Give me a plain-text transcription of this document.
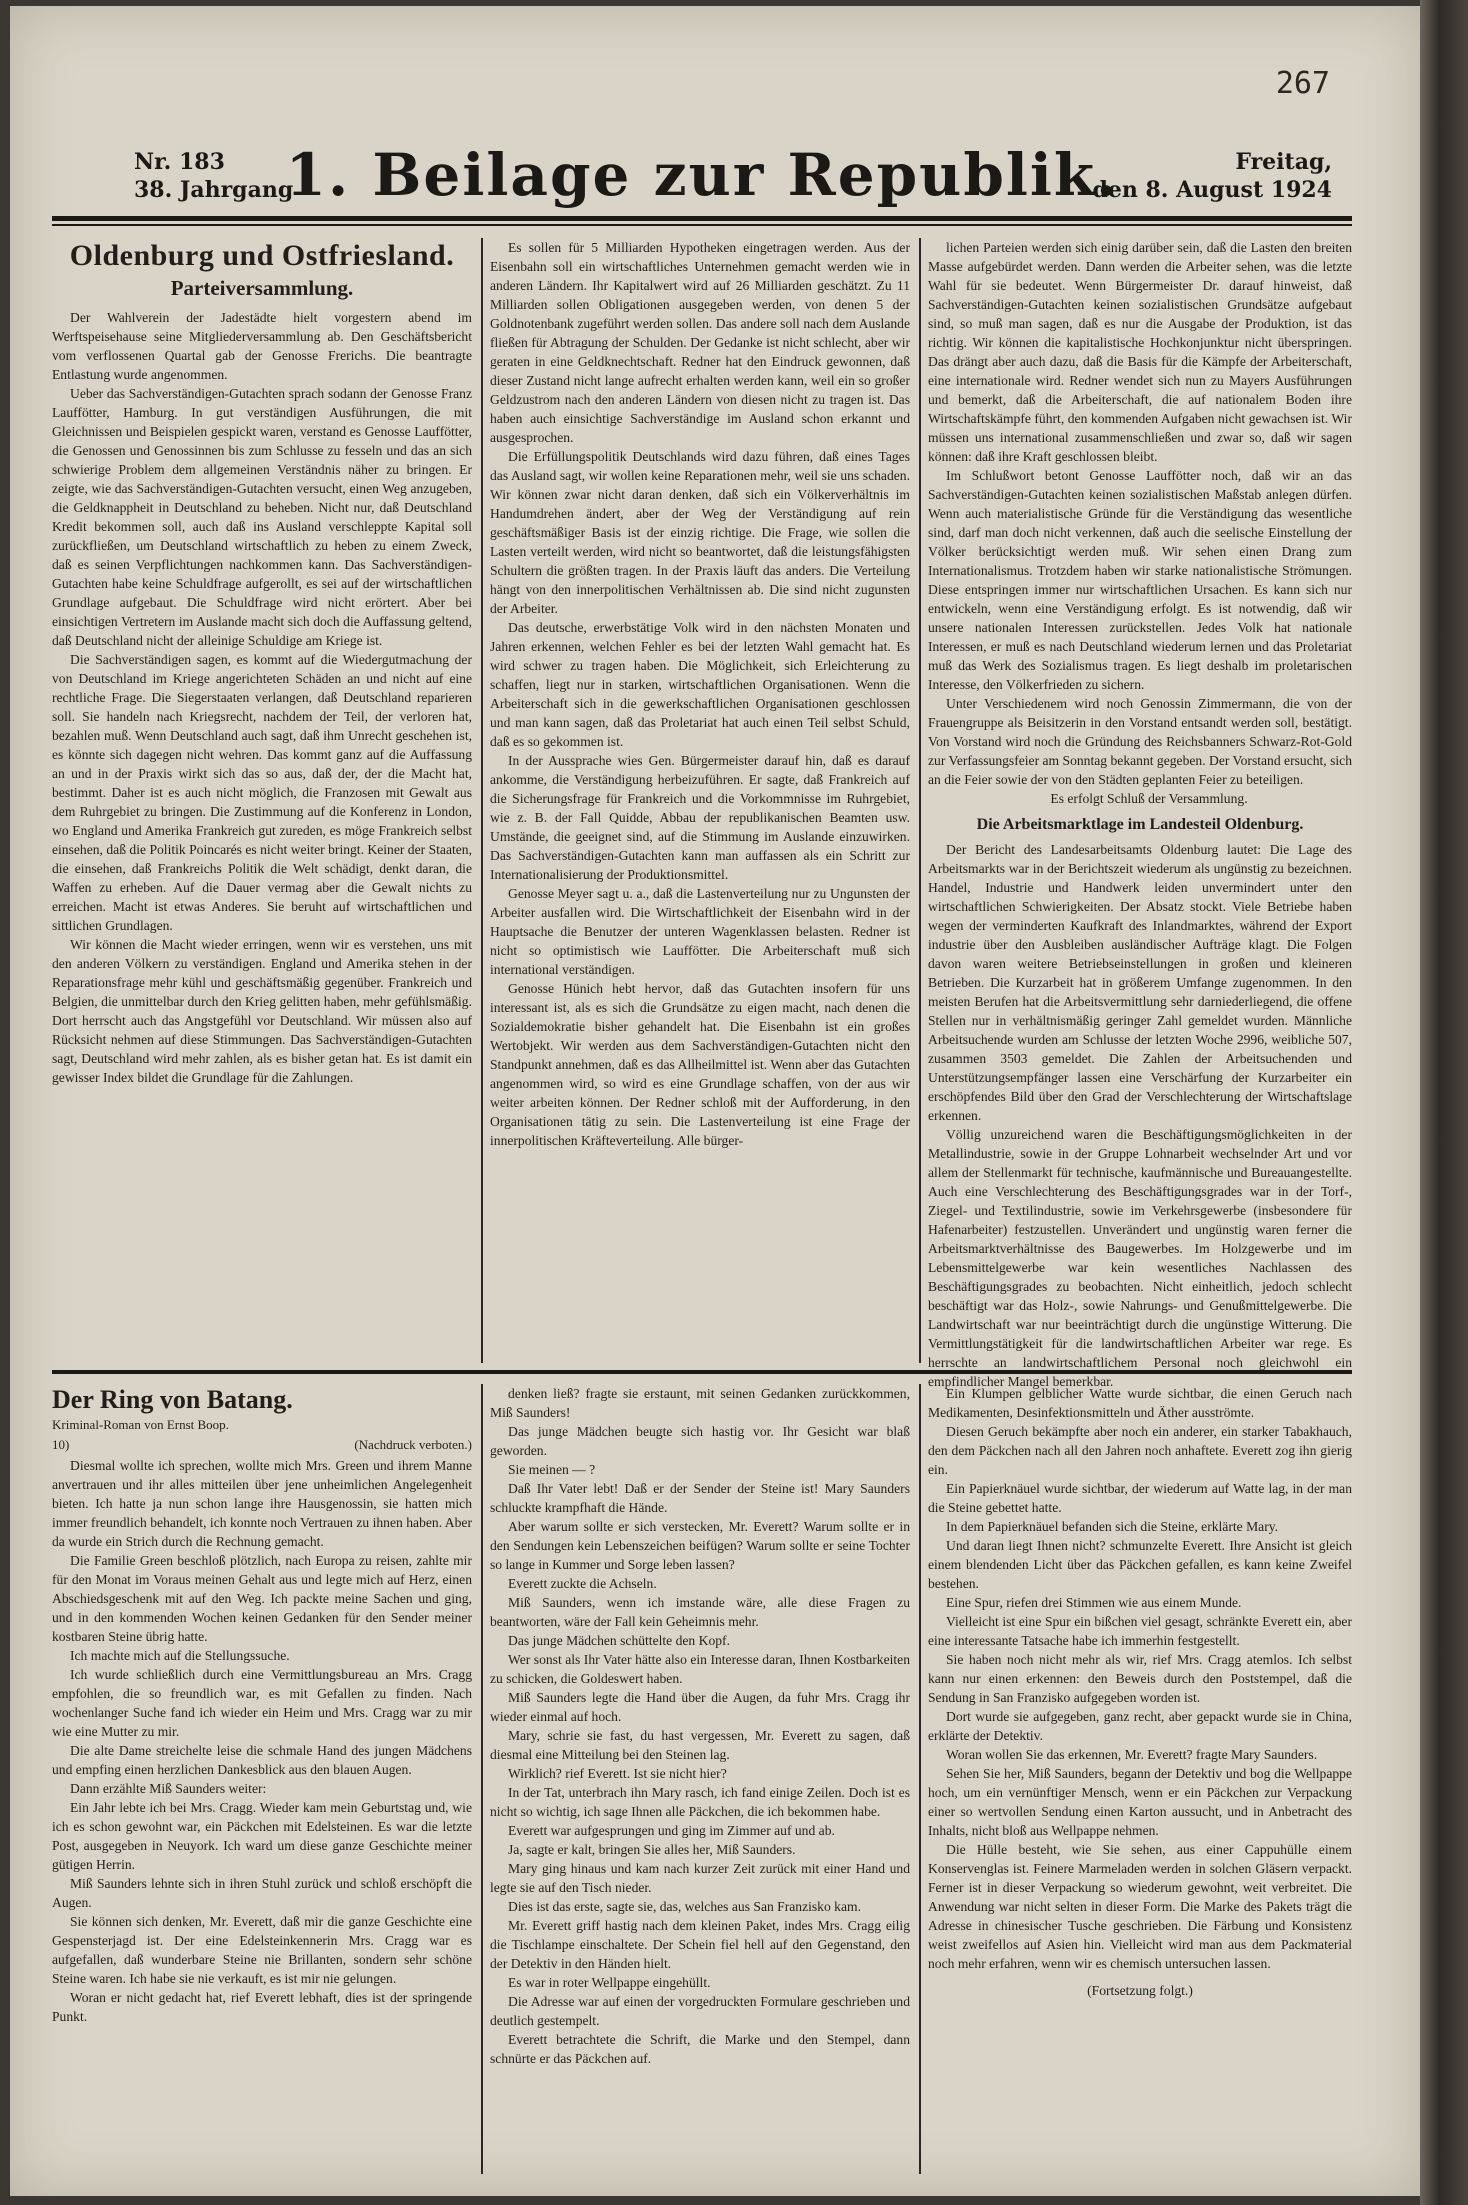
267
Nr. 183
38. Jahrgang
1. Beilage zur Republik.	Freitag,
den 8. August 1924
Oldenburg und Ostfriesland.
Parteiversammlung.

Der Wahlverein der Jadestädte hielt vorgestern abend im Werftspeisehause seine Mitgliederversammlung ab. Den Geschäftsbericht vom verflossenen Quartal gab der Genosse Frerichs. Die beantragte Entlastung wurde angenommen.

Ueber das Sachverständigen-Gutachten sprach sodann der Genosse Franz Lauffötter, Hamburg. In gut verständigen Ausführungen, die mit Gleichnissen und Beispielen gespickt waren, verstand es Genosse Lauffötter, die Genossen und Genossinnen bis zum Schlusse zu fesseln und das an sich schwierige Problem dem allgemeinen Verständnis näher zu bringen. Er zeigte, wie das Sachverständigen-Gutachten versucht, einen Weg anzugeben, die Geldknappheit in Deutschland zu beheben. Nicht nur, daß Deutschland Kredit bekommen soll, auch daß ins Ausland verschleppte Kapital soll zurückfließen, um Deutschland wirtschaftlich zu heben zu einem Zweck, daß es seinen Verpflichtungen nachkommen kann. Das Sachverständigen-Gutachten habe keine Schuldfrage aufgerollt, es sei auf der wirtschaftlichen Grundlage aufgebaut. Die Schuldfrage wird nicht erörtert. Aber bei einsichtigen Vertretern im Auslande macht sich doch die Auffassung geltend, daß Deutschland nicht der alleinige Schuldige am Kriege ist.

Die Sachverständigen sagen, es kommt auf die Wiedergutmachung der von Deutschland im Kriege angerichteten Schäden an und nicht auf eine rechtliche Frage. Die Siegerstaaten verlangen, daß Deutschland reparieren soll. Sie handeln nach Kriegsrecht, nachdem der Teil, der verloren hat, bezahlen muß. Wenn Deutschland auch sagt, daß ihm Unrecht geschehen ist, es könnte sich dagegen nicht wehren. Das kommt ganz auf die Auffassung an und in der Praxis wirkt sich das so aus, daß der, der die Macht hat, bestimmt. Daher ist es auch nicht möglich, die Franzosen mit Gewalt aus dem Ruhrgebiet zu bringen. Die Zustimmung auf die Konferenz in London, wo England und Amerika Frankreich gut zureden, es möge Frankreich selbst einsehen, daß die Politik Poincarés es nicht weiter bringt. Keiner der Staaten, die einsehen, daß Frankreichs Politik die Welt schädigt, denkt daran, die Waffen zu erheben. Auf die Dauer vermag aber die Gewalt nichts zu erreichen. Macht ist etwas Anderes. Sie beruht auf wirtschaftlichen und sittlichen Grundlagen.

Wir können die Macht wieder erringen, wenn wir es verstehen, uns mit den anderen Völkern zu verständigen. England und Amerika stehen in der Reparationsfrage mehr kühl und geschäftsmäßig gegenüber. Frankreich und Belgien, die unmittelbar durch den Krieg gelitten haben, mehr gefühlsmäßig. Dort herrscht auch das Angstgefühl vor Deutschland. Wir müssen also auf Rücksicht nehmen auf diese Stimmungen. Das Sachverständigen-Gutachten sagt, Deutschland wird mehr zahlen, als es bisher getan hat. Es ist damit ein gewisser Index bildet die Grundlage für die Zahlungen.

Es sollen für 5 Milliarden Hypotheken eingetragen werden. Aus der Eisenbahn soll ein wirtschaftliches Unternehmen gemacht werden wie in anderen Ländern. Ihr Kapitalwert wird auf 26 Milliarden geschätzt. Zu 11 Milliarden sollen Obligationen ausgegeben werden, von denen 5 der Goldnotenbank zugeführt werden sollen. Das andere soll nach dem Auslande fließen für Abtragung der Schulden. Der Gedanke ist nicht schlecht, aber wir geraten in eine Geldknechtschaft. Redner hat den Eindruck gewonnen, daß dieser Zustand nicht lange aufrecht erhalten werden kann, weil ein so großer Geldzustrom nach den anderen Ländern von diesen nicht zu tragen ist. Das haben auch einsichtige Sachverständige im Ausland schon erkannt und ausgesprochen.

Die Erfüllungspolitik Deutschlands wird dazu führen, daß eines Tages das Ausland sagt, wir wollen keine Reparationen mehr, weil sie uns schaden. Wir können zwar nicht daran denken, daß sich ein Völkerverhältnis im Handumdrehen ändert, aber der Weg der Verständigung auf rein geschäftsmäßiger Basis ist der einzig richtige. Die Frage, wie sollen die Lasten verteilt werden, wird nicht so beantwortet, daß die leistungsfähigsten Schultern die größten tragen. In der Praxis läuft das anders. Die Verteilung hängt von den innerpolitischen Verhältnissen ab. Die sind nicht zugunsten der Arbeiter.

Das deutsche, erwerbstätige Volk wird in den nächsten Monaten und Jahren erkennen, welchen Fehler es bei der letzten Wahl gemacht hat. Es wird schwer zu tragen haben. Die Möglichkeit, sich Erleichterung zu schaffen, liegt nur in starken, wirtschaftlichen Organisationen. Wenn die Arbeiterschaft sich in die gewerkschaftlichen Organisationen geschlossen und man kann sagen, daß das Proletariat hat auch einen Teil selbst Schuld, daß es so gekommen ist.

In der Aussprache wies Gen. Bürgermeister darauf hin, daß es darauf ankomme, die Verständigung herbeizuführen. Er sagte, daß Frankreich auf die Sicherungsfrage für Frankreich und die Vorkommnisse im Ruhrgebiet, wie z. B. der Fall Quidde, Abbau der republikanischen Beamten usw. Umstände, die geeignet sind, auf die Stimmung im Auslande einzuwirken. Das Sachverständigen-Gutachten kann man auffassen als ein Schritt zur Internationalisierung der Produktionsmittel.

Genosse Meyer sagt u. a., daß die Lastenverteilung nur zu Ungunsten der Arbeiter ausfallen wird. Die Wirtschaftlichkeit der Eisenbahn wird in der Hauptsache die Benutzer der unteren Wagenklassen belasten. Redner ist nicht so optimistisch wie Lauffötter. Die Arbeiterschaft muß sich international verständigen.

Genosse Hünich hebt hervor, daß das Gutachten insofern für uns interessant ist, als es sich die Grundsätze zu eigen macht, nach denen die Sozialdemokratie bisher gehandelt hat. Die Eisenbahn ist ein großes Wertobjekt. Wir werden aus dem Sachverständigen-Gutachten nicht den Standpunkt annehmen, daß es das Allheilmittel ist. Wenn aber das Gutachten angenommen wird, so wird es eine Grundlage schaffen, von der aus wir weiter arbeiten können. Der Redner schloß mit der Aufforderung, in den Organisationen tätig zu sein. Die Lastenverteilung ist eine Frage der innerpolitischen Kräfteverteilung. Alle bürger-

lichen Parteien werden sich einig darüber sein, daß die Lasten den breiten Masse aufgebürdet werden. Dann werden die Arbeiter sehen, was die letzte Wahl für sie bedeutet. Wenn Bürgermeister Dr. darauf hinweist, daß Sachverständigen-Gutachten keinen sozialistischen Grundsätze aufgebaut sind, so muß man sagen, daß es nur die Ausgabe der Produktion, ist das richtig. Wir können die kapitalistische Hochkonjunktur nicht überspringen. Das drängt aber auch dazu, daß die Basis für die Kämpfe der Arbeiterschaft, eine internationale wird. Redner wendet sich nun zu Mayers Ausführungen und bemerkt, daß die Arbeiterschaft, die auf nationalem Boden ihre Wirtschaftskämpfe führt, den kommenden Aufgaben nicht gewachsen ist. Wir müssen uns international zusammenschließen und zwar so, daß wir sagen können: daß ihre Kraft geschlossen bleibt.

Im Schlußwort betont Genosse Lauffötter noch, daß wir an das Sachverständigen-Gutachten keinen sozialistischen Maßstab anlegen dürfen. Wenn auch materialistische Gründe für die Verständigung das wesentliche sind, darf man doch nicht verkennen, daß auch die seelische Einstellung der Völker berücksichtigt werden muß. Wir sehen einen Drang zum Internationalismus. Trotzdem haben wir starke nationalistische Strömungen. Diese entspringen immer nur wirtschaftlichen Ursachen. Es kann sich nur entwickeln, wenn eine Verständigung erfolgt. Es ist notwendig, daß wir unsere nationalen Interessen zurückstellen. Jedes Volk hat nationale Interessen, er muß es nach Deutschland wiederum lernen und das Proletariat muß das Werk des Sozialismus tragen. Es liegt deshalb im proletarischen Interesse, den Völkerfrieden zu sichern.

Unter Verschiedenem wird noch Genossin Zimmermann, die von der Frauengruppe als Beisitzerin in den Vorstand entsandt werden soll, bestätigt. Von Vorstand wird noch die Gründung des Reichsbanners Schwarz-Rot-Gold zur Verfassungsfeier am Sonntag bekannt gegeben. Der Vorstand ersucht, sich an die Feier sowie der von den Städten geplanten Feier zu beteiligen.

Es erfolgt Schluß der Versammlung.

Die Arbeitsmarktlage im Landesteil Oldenburg.

Der Bericht des Landesarbeitsamts Oldenburg lautet: Die Lage des Arbeitsmarkts war in der Berichtszeit wiederum als ungünstig zu bezeichnen. Handel, Industrie und Handwerk leiden unvermindert unter den wirtschaftlichen Schwierigkeiten. Der Absatz stockt. Viele Betriebe haben wegen der verminderten Kaufkraft des Inlandmarktes, während der Export industrie über den Ausbleiben ausländischer Aufträge klagt. Die Folgen davon waren weitere Betriebseinstellungen in großen und kleineren Betrieben. Die Kurzarbeit hat in größerem Umfange zugenommen. In den meisten Berufen hat die Arbeitsvermittlung sehr darniederliegend, die offene Stellen nur in verhältnismäßig geringer Zahl gemeldet wurden. Männliche Arbeitsuchende wurden am Schlusse der letzten Woche 2996, weibliche 507, zusammen 3503 gemeldet. Die Zahlen der Arbeitsuchenden und Unterstützungsempfänger lassen eine Verschärfung der Kurzarbeiter ein erschöpfendes Bild über den Grad der Verschlechterung der Wirtschaftslage erkennen.

Völlig unzureichend waren die Beschäftigungsmöglichkeiten in der Metallindustrie, sowie in der Gruppe Lohnarbeit wechselnder Art und vor allem der Stellenmarkt für technische, kaufmännische und Bureauangestellte. Auch eine Verschlechterung des Beschäftigungsgrades war in der Torf-, Ziegel- und Textilindustrie, sowie im Verkehrsgewerbe (insbesondere für Hafenarbeiter) festzustellen. Unverändert und ungünstig waren ferner die Arbeitsmarktverhältnisse des Baugewerbes. Im Holzgewerbe und im Lebensmittelgewerbe war kein wesentliches Nachlassen des Beschäftigungsgrades zu beobachten. Nicht einheitlich, jedoch schlecht beschäftigt war das Holz-, sowie Nahrungs- und Genußmittelgewerbe. Die Landwirtschaft war nur beeinträchtigt durch die ungünstige Witterung. Die Vermittlungstätigkeit für die landwirtschaftlichen Arbeiter war rege. Es herrschte an landwirtschaftlichem Personal noch gleichwohl ein empfindlicher Mangel bemerkbar.

Der Ring von Batang.
Kriminal-Roman von Ernst Boop.
10)	(Nachdruck verboten.)

Diesmal wollte ich sprechen, wollte mich Mrs. Green und ihrem Manne anvertrauen und ihr alles mitteilen über jene unheimlichen Angelegenheit bieten. Ich hatte ja nun schon lange ihre Hausgenossin, sie hatten mich immer freundlich behandelt, ich konnte noch Vertrauen zu ihnen haben. Aber da wurde ein Strich durch die Rechnung gemacht.

Die Familie Green beschloß plötzlich, nach Europa zu reisen, zahlte mir für den Monat im Voraus meinen Gehalt aus und legte mich auf Herz, einen Abschiedsgeschenk mit auf den Weg. Ich packte meine Sachen und ging, und in den kommenden Wochen keinen Gedanken für den Sender meiner kostbaren Steine übrig hatte.

Ich machte mich auf die Stellungssuche.

Ich wurde schließlich durch eine Vermittlungsbureau an Mrs. Cragg empfohlen, die so freundlich war, es mit Gefallen zu finden. Nach wochenlanger Suche fand ich wieder ein Heim und Mrs. Cragg war zu mir wie eine Mutter zu mir.

Die alte Dame streichelte leise die schmale Hand des jungen Mädchens und empfing einen herzlichen Dankesblick aus den blauen Augen.

Dann erzählte Miß Saunders weiter:

Ein Jahr lebte ich bei Mrs. Cragg. Wieder kam mein Geburtstag und, wie ich es schon gewohnt war, ein Päckchen mit Edelsteinen. Es war die letzte Post, ausgegeben in Neuyork. Ich ward um diese ganze Geschichte meiner gütigen Herrin.

Miß Saunders lehnte sich in ihren Stuhl zurück und schloß erschöpft die Augen.

Sie können sich denken, Mr. Everett, daß mir die ganze Geschichte eine Gespensterjagd ist. Der eine Edelsteinkennerin Mrs. Cragg war es aufgefallen, daß wunderbare Steine nie Brillanten, sondern sehr schöne Steine waren. Ich habe sie nie verkauft, es ist mir nie gelungen.

Woran er nicht gedacht hat, rief Everett lebhaft, dies ist der springende Punkt.

denken ließ? fragte sie erstaunt, mit seinen Gedanken zurückkommen, Miß Saunders!

Das junge Mädchen beugte sich hastig vor. Ihr Gesicht war blaß geworden.

Sie meinen — ?

Daß Ihr Vater lebt! Daß er der Sender der Steine ist! Mary Saunders schluckte krampfhaft die Hände.

Aber warum sollte er sich verstecken, Mr. Everett? Warum sollte er in den Sendungen kein Lebenszeichen beifügen? Warum sollte er seine Tochter so lange in Kummer und Sorge leben lassen?

Everett zuckte die Achseln.

Miß Saunders, wenn ich imstande wäre, alle diese Fragen zu beantworten, wäre der Fall kein Geheimnis mehr.

Das junge Mädchen schüttelte den Kopf.

Wer sonst als Ihr Vater hätte also ein Interesse daran, Ihnen Kostbarkeiten zu schicken, die Goldeswert haben.

Miß Saunders legte die Hand über die Augen, da fuhr Mrs. Cragg ihr wieder einmal auf hoch.

Mary, schrie sie fast, du hast vergessen, Mr. Everett zu sagen, daß diesmal eine Mitteilung bei den Steinen lag.

Wirklich? rief Everett. Ist sie nicht hier?

In der Tat, unterbrach ihn Mary rasch, ich fand einige Zeilen. Doch ist es nicht so wichtig, ich sage Ihnen alle Päckchen, die ich bekommen habe.

Everett war aufgesprungen und ging im Zimmer auf und ab.

Ja, sagte er kalt, bringen Sie alles her, Miß Saunders.

Mary ging hinaus und kam nach kurzer Zeit zurück mit einer Hand und legte sie auf den Tisch nieder.

Dies ist das erste, sagte sie, das, welches aus San Franzisko kam.

Mr. Everett griff hastig nach dem kleinen Paket, indes Mrs. Cragg eilig die Tischlampe einschaltete. Der Schein fiel hell auf den Gegenstand, den der Detektiv in den Händen hielt.

Es war in roter Wellpappe eingehüllt.

Die Adresse war auf einen der vorgedruckten Formulare geschrieben und deutlich gestempelt.

Everett betrachtete die Schrift, die Marke und den Stempel, dann schnürte er das Päckchen auf.

Ein Klumpen gelblicher Watte wurde sichtbar, die einen Geruch nach Medikamenten, Desinfektionsmitteln und Äther ausströmte.

Diesen Geruch bekämpfte aber noch ein anderer, ein starker Tabakhauch, den dem Päckchen nach all den Jahren noch anhaftete. Everett zog ihn gierig ein.

Ein Papierknäuel wurde sichtbar, der wiederum auf Watte lag, in der man die Steine gebettet hatte.

In dem Papierknäuel befanden sich die Steine, erklärte Mary.

Und daran liegt Ihnen nicht? schmunzelte Everett. Ihre Ansicht ist gleich einem blendenden Licht über das Päckchen gefallen, es kann keine Zweifel bestehen.

Eine Spur, riefen drei Stimmen wie aus einem Munde.

Vielleicht ist eine Spur ein bißchen viel gesagt, schränkte Everett ein, aber eine interessante Tatsache habe ich immerhin festgestellt.

Sie haben noch nicht mehr als wir, rief Mrs. Cragg atemlos. Ich selbst kann nur einen erkennen: den Beweis durch den Poststempel, daß die Sendung in San Franzisko aufgegeben worden ist.

Dort wurde sie aufgegeben, ganz recht, aber gepackt wurde sie in China, erklärte der Detektiv.

Woran wollen Sie das erkennen, Mr. Everett? fragte Mary Saunders.

Sehen Sie her, Miß Saunders, begann der Detektiv und bog die Wellpappe hoch, um ein vernünftiger Mensch, wenn er ein Päckchen zur Verpackung einer so wertvollen Sendung einen Karton aussucht, und in Anbetracht des Inhalts, nicht bloß aus Wellpappe nehmen.

Die Hülle besteht, wie Sie sehen, aus einer Cappuhülle einem Konservenglas ist. Feinere Marmeladen werden in solchen Gläsern verpackt. Ferner ist in dieser Verpackung so wiederum gewohnt, weit verbreitet. Die Anwendung war nicht selten in dieser Form. Die Marke des Pakets trägt die Adresse in chinesischer Tusche geschrieben. Die Färbung und Konsistenz weist zweifellos auf Asien hin. Vielleicht wird man aus dem Packmaterial noch mehr erfahren, wenn wir es chemisch untersuchen lassen.

(Fortsetzung folgt.)
